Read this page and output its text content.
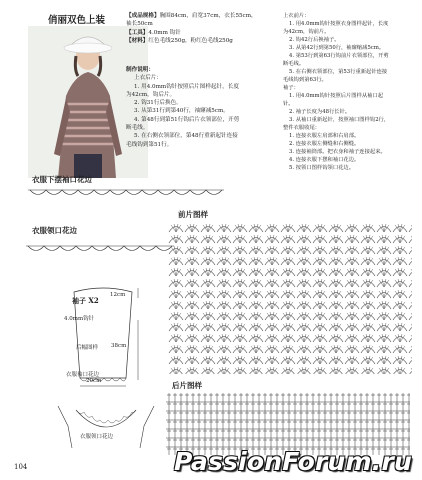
俏丽双色上装	【成品规格】胸围84cm，肩宽37cm，衣长55cm，
袖长50cm
【工具】4.0mm 钩针
【材料】红色毛线250g，粉红色毛线250g
制作说明：
上衣后片：
1. 用4.0mm钩针按照后片图样起针，长度
为42cm，钩后片。
2. 钩31行后换色。
3. 从第31行到第40行，袖窿减5cm。
4. 第48行到第51行钩后片衣领部位，开剪
断毛线。
5. 在右侧衣领部位，第48行重新起针连接
毛线钩到第51行。
上衣前片：
1. 用4.0mm钩针按照衣身图样起针，长度
为42cm，钩前片。
2. 钩42行后换袖子。
3. 从第42行到第50行，袖窿缩减5cm。
4. 第53行到第63行钩前片衣领部位，开剪
断毛线。
5. 在右侧衣领部位，第53行重新起针连接
毛线钩到第63行。
袖子：
1. 用4.0mm钩针按照后片图样从袖口起
针。
2. 袖子长度为48行长针。
3. 从袖口重新起针，按照袖口图样钩2行，
整件衣服收尾：
1. 连接衣服左肩部和右肩部。
2. 连接衣服左侧缝和右侧缝。
3. 连接袖筒部。把衣身和袖子连接起来。
4. 连接衣服下摆和袖口花边。
5. 按领口图样钩领口花边。
衣服下摆袖口花边
衣服领口花边
前片图样
袖子 X2
12cm
4.0mm钩针
后幅图样 38cm
衣服袖口花边
20cm	后片图样
衣服领口花边
104	PassionForum.ru
